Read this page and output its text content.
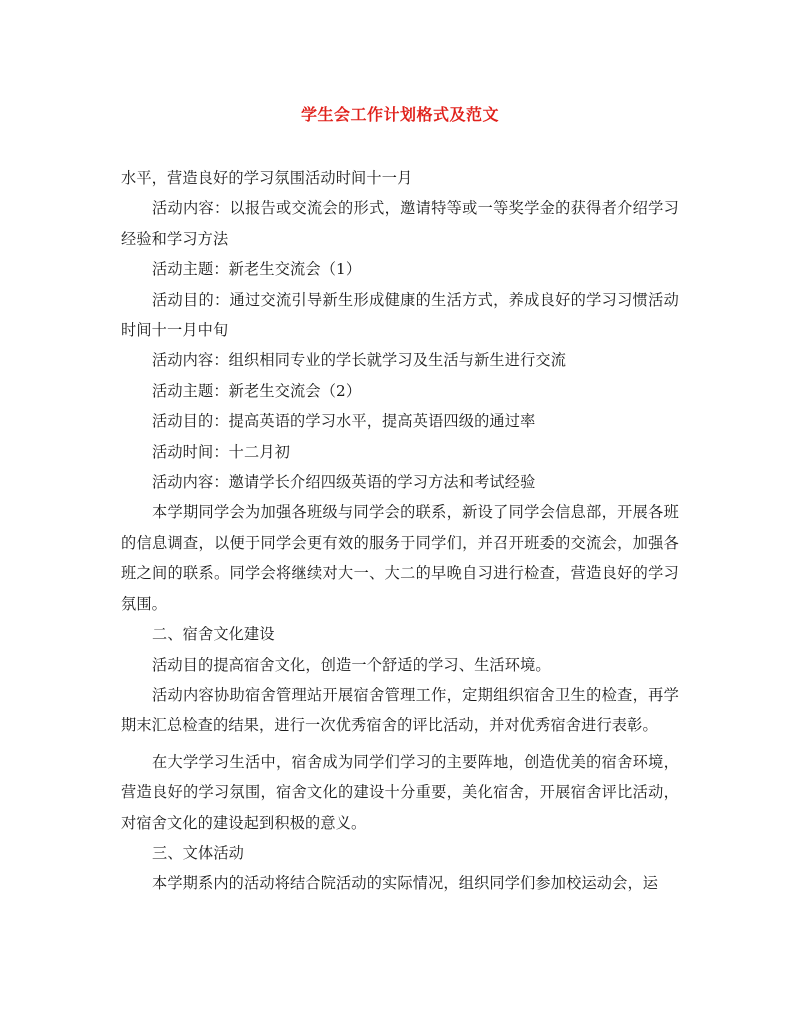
学生会工作计划格式及范文

水平，营造良好的学习氛围活动时间十一月

活动内容：以报告或交流会的形式，邀请特等或一等奖学金的获得者介绍学习经验和学习方法

活动主题：新老生交流会（1）

活动目的：通过交流引导新生形成健康的生活方式，养成良好的学习习惯活动时间十一月中旬

活动内容：组织相同专业的学长就学习及生活与新生进行交流

活动主题：新老生交流会（2）

活动目的：提高英语的学习水平，提高英语四级的通过率

活动时间：十二月初

活动内容：邀请学长介绍四级英语的学习方法和考试经验

本学期同学会为加强各班级与同学会的联系，新设了同学会信息部，开展各班的信息调查，以便于同学会更有效的服务于同学们，并召开班委的交流会，加强各班之间的联系。同学会将继续对大一、大二的早晚自习进行检查，营造良好的学习氛围。

二、宿舍文化建设

活动目的提高宿舍文化，创造一个舒适的学习、生活环境。

活动内容协助宿舍管理站开展宿舍管理工作，定期组织宿舍卫生的检查，再学期末汇总检查的结果，进行一次优秀宿舍的评比活动，并对优秀宿舍进行表彰。

在大学学习生活中，宿舍成为同学们学习的主要阵地，创造优美的宿舍环境，营造良好的学习氛围，宿舍文化的建设十分重要，美化宿舍，开展宿舍评比活动，对宿舍文化的建设起到积极的意义。

三、文体活动

本学期系内的活动将结合院活动的实际情况，组织同学们参加校运动会，运
